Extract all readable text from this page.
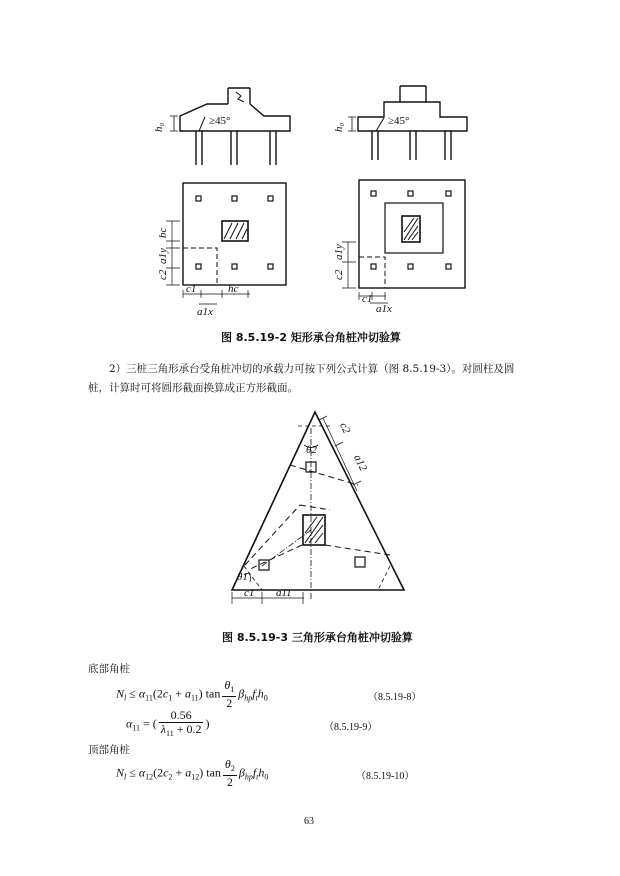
h₀
≥45°
h₀
≥45°
bc
a1y
c2
c1	hc
a1x
a1y
c2
c1
a1x
图 8.5.19-2 矩形承台角桩冲切验算
2）三桩三角形承台受角桩冲切的承载力可按下列公式计算（图 8.5.19-3）。对圆柱及圆桩，计算时可将圆形截面换算成正方形截面。
θ2
θ1
c1 a11
c2
a12
图 8.5.19-3 三角形承台角桩冲切验算
底部角桩
$N_l \le \alpha_{11}(2c_1 + a_{11})$ $\tan \frac{\theta_1}{2} \beta_{hp}f_th_0$	（8.5.19-8）
$\alpha_{11}$ = ( $\frac{0.56}{\lambda_{11} + 0.2}$ )	（8.5.19-9）
顶部角桩
$N_l \le \alpha_{12}(2c_2 + a_{12})$ $\tan \frac{\theta_2}{2} \beta_{hp}f_th_0$	（8.5.19-10）
63
